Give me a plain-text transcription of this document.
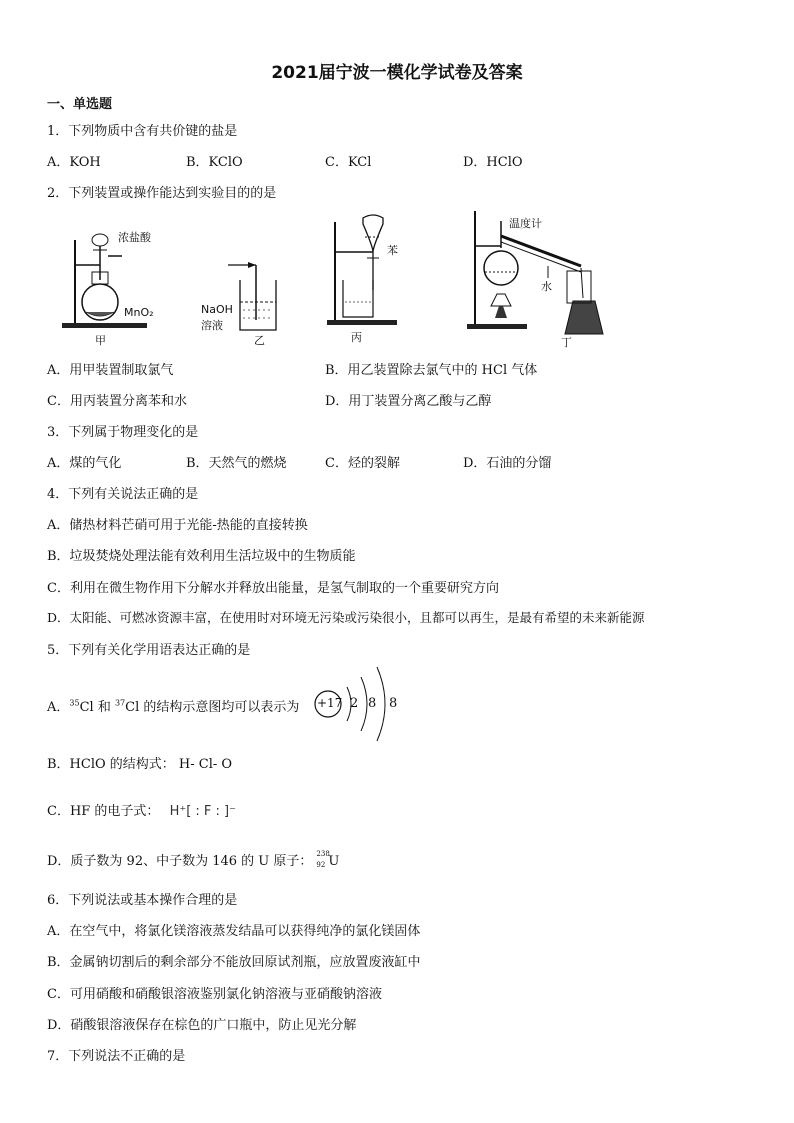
2021届宁波一模化学试卷及答案
一、单选题
1．下列物质中含有共价键的盐是
A．KOH	B．KClO	C．KCl	D．HClO
2．下列装置或操作能达到实验目的的是
浓盐酸
MnO₂
甲
NaOH
溶液
乙
苯
丙
温度计
水
丁
A．用甲装置制取氯气	B．用乙装置除去氯气中的 HCl 气体
C．用丙装置分离苯和水	D．用丁装置分离乙酸与乙醇
3．下列属于物理变化的是
A．煤的气化	B．天然气的燃烧	C．烃的裂解	D．石油的分馏
4．下列有关说法正确的是
A．储热材料芒硝可用于光能-热能的直接转换
B．垃圾焚烧处理法能有效利用生活垃圾中的生物质能
C．利用在微生物作用下分解水并释放出能量，是氢气制取的一个重要研究方向
D．太阳能、可燃冰资源丰富，在使用时对环境无污染或污染很小，且都可以再生，是最有希望的未来新能源
5．下列有关化学用语表达正确的是
A．$^{35}$Cl 和 $^{37}$Cl 的结构示意图均可以表示为 +17 2 8 8
B．HClO 的结构式： H- Cl- O
C．HF 的电子式： H⁺[ : F : ]⁻
D．质子数为 92、中子数为 146 的 U 原子： 238
92 U
6．下列说法或基本操作合理的是
A．在空气中，将氯化镁溶液蒸发结晶可以获得纯净的氯化镁固体
B．金属钠切割后的剩余部分不能放回原试剂瓶，应放置废液缸中
C．可用硝酸和硝酸银溶液鉴别氯化钠溶液与亚硝酸钠溶液
D．硝酸银溶液保存在棕色的广口瓶中，防止见光分解
7．下列说法不正确的是
